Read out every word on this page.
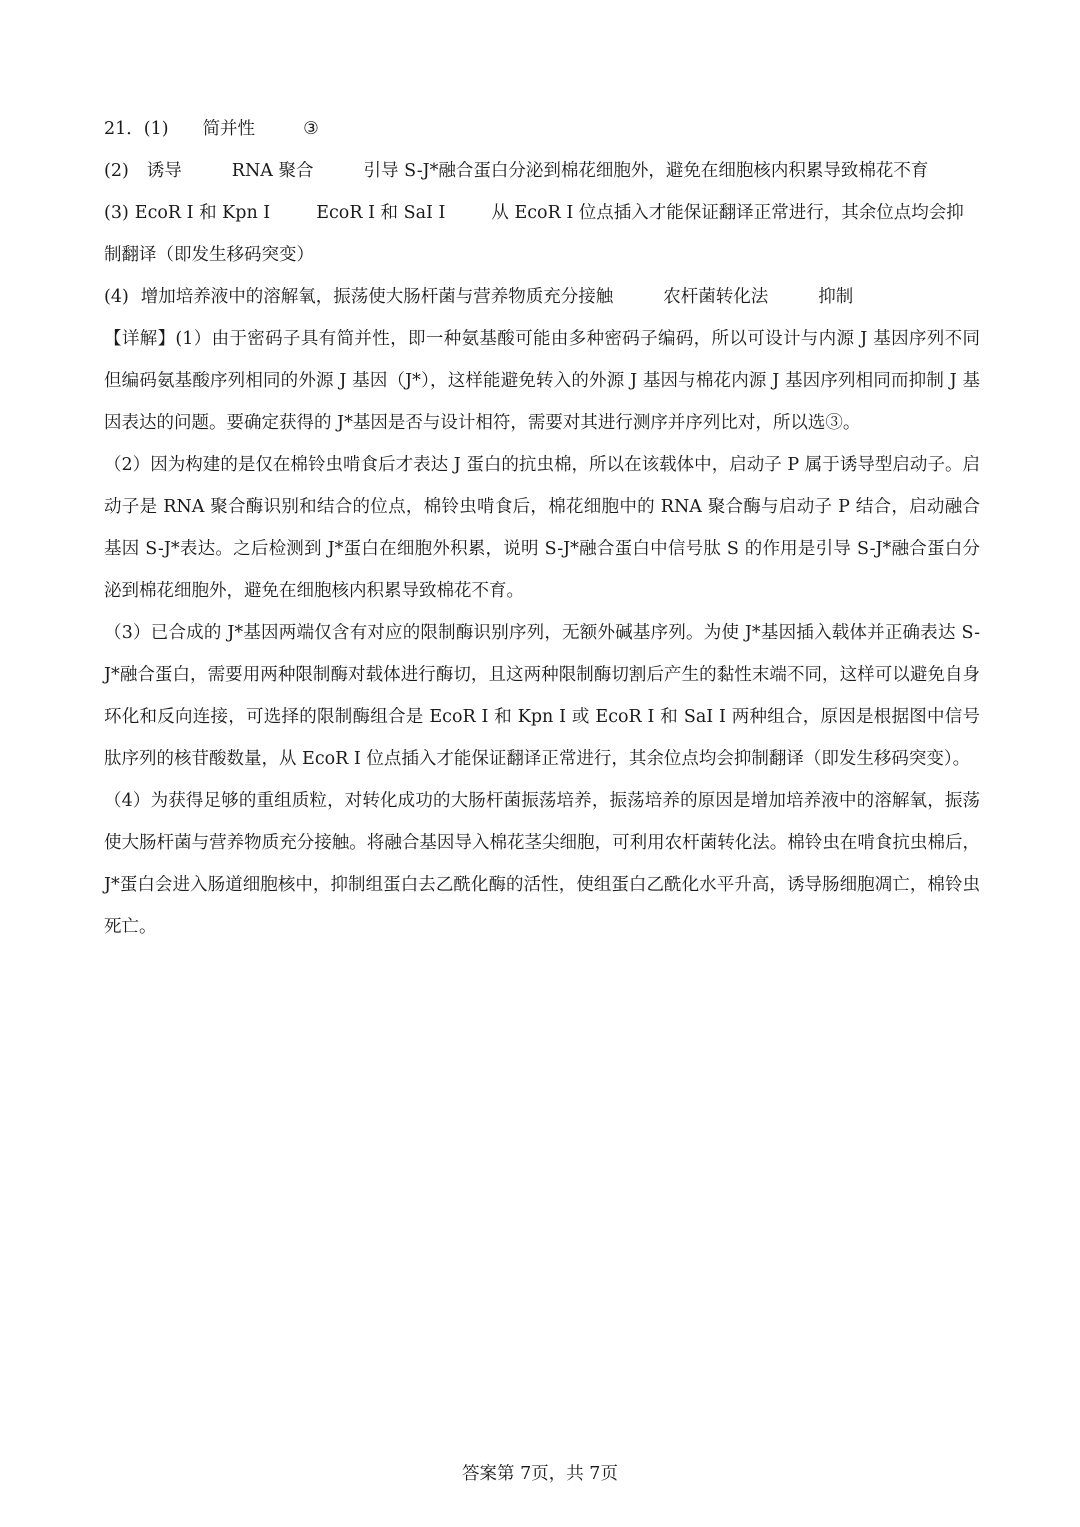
21．(1) 简并性	③
(2) 诱导	RNA 聚合	引导 S-J*融合蛋白分泌到棉花细胞外，避免在细胞核内积累导致棉花不育
(3) EcoR I 和 Kpn I	EcoR I 和 SaI I	从 EcoR I 位点插入才能保证翻译正常进行，其余位点均会抑
制翻译（即发生移码突变）
(4) 增加培养液中的溶解氧，振荡使大肠杆菌与营养物质充分接触	农杆菌转化法	抑制

【详解】(1）由于密码子具有简并性，即一种氨基酸可能由多种密码子编码，所以可设计与内源 J 基因序列不同但编码氨基酸序列相同的外源 J 基因（J*），这样能避免转入的外源 J 基因与棉花内源 J 基因序列相同而抑制 J 基因表达的问题。要确定获得的 J*基因是否与设计相符，需要对其进行测序并序列比对，所以选③。

（2）因为构建的是仅在棉铃虫啃食后才表达 J 蛋白的抗虫棉，所以在该载体中，启动子 P 属于诱导型启动子。启动子是 RNA 聚合酶识别和结合的位点，棉铃虫啃食后，棉花细胞中的 RNA 聚合酶与启动子 P 结合，启动融合基因 S-J*表达。之后检测到 J*蛋白在细胞外积累，说明 S-J*融合蛋白中信号肽 S 的作用是引导 S-J*融合蛋白分泌到棉花细胞外，避免在细胞核内积累导致棉花不育。

（3）已合成的 J*基因两端仅含有对应的限制酶识别序列，无额外碱基序列。为使 J*基因插入载体并正确表达 S-J*融合蛋白，需要用两种限制酶对载体进行酶切，且这两种限制酶切割后产生的黏性末端不同，这样可以避免自身环化和反向连接，可选择的限制酶组合是 EcoR I 和 Kpn I 或 EcoR I 和 SaI I 两种组合，原因是根据图中信号肽序列的核苷酸数量，从 EcoR I 位点插入才能保证翻译正常进行，其余位点均会抑制翻译（即发生移码突变）。

（4）为获得足够的重组质粒，对转化成功的大肠杆菌振荡培养，振荡培养的原因是增加培养液中的溶解氧，振荡使大肠杆菌与营养物质充分接触。将融合基因导入棉花茎尖细胞，可利用农杆菌转化法。棉铃虫在啃食抗虫棉后，J*蛋白会进入肠道细胞核中，抑制组蛋白去乙酰化酶的活性，使组蛋白乙酰化水平升高，诱导肠细胞凋亡，棉铃虫死亡。

答案第 7页，共 7页
